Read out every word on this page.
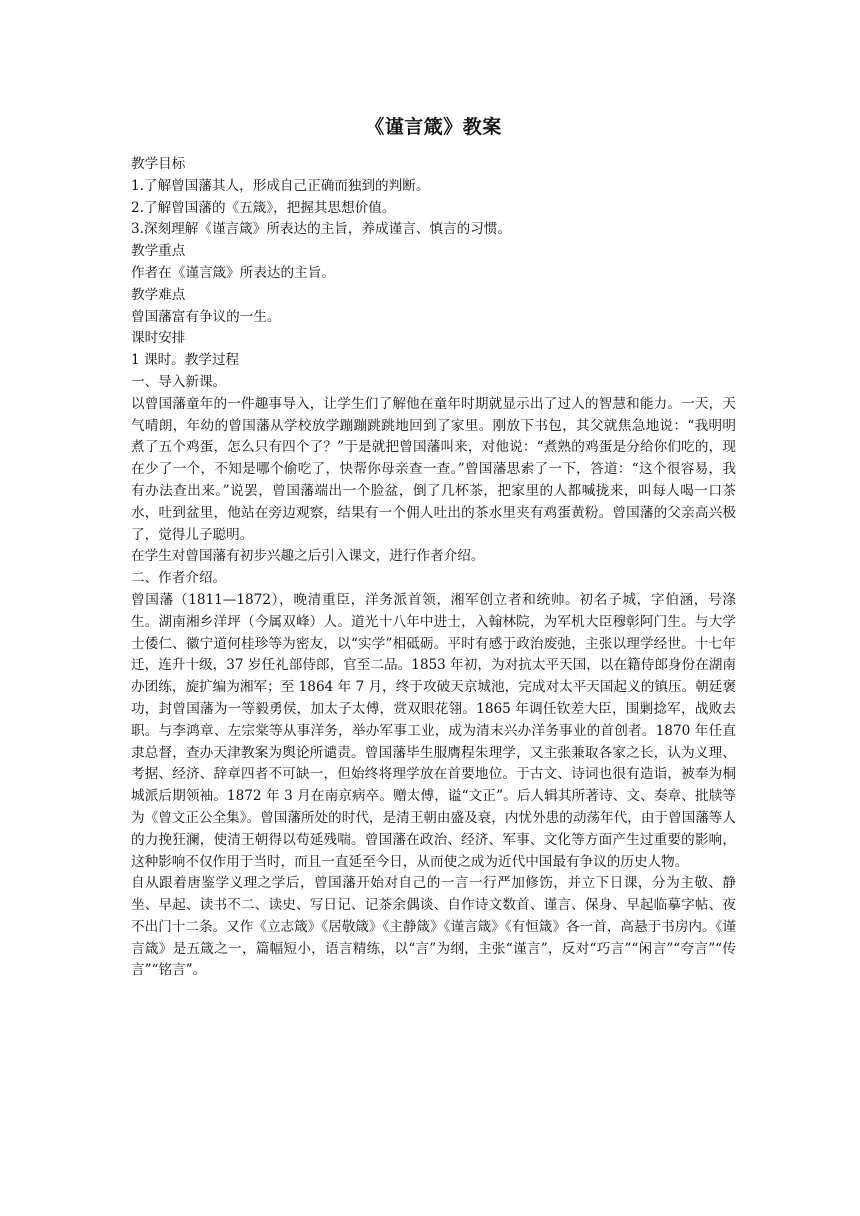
《谨言箴》教案

教学目标

1.了解曾国藩其人，形成自己正确而独到的判断。

2.了解曾国藩的《五箴》，把握其思想价值。

3.深刻理解《谨言箴》所表达的主旨，养成谨言、慎言的习惯。

教学重点

作者在《谨言箴》所表达的主旨。

教学难点

曾国藩富有争议的一生。

课时安排

1 课时。教学过程

一、导入新课。

以曾国藩童年的一件趣事导入，让学生们了解他在童年时期就显示出了过人的智慧和能力。一天，天气晴朗，年幼的曾国藩从学校放学蹦蹦跳跳地回到了家里。刚放下书包，其父就焦急地说：“我明明煮了五个鸡蛋，怎么只有四个了？”于是就把曾国藩叫来，对他说：“煮熟的鸡蛋是分给你们吃的，现在少了一个，不知是哪个偷吃了，快帮你母亲查一查。”曾国藩思索了一下，答道：“这个很容易，我有办法查出来。”说罢，曾国藩端出一个脸盆，倒了几杯茶，把家里的人都喊拢来，叫每人喝一口茶水，吐到盆里，他站在旁边观察，结果有一个佣人吐出的茶水里夹有鸡蛋黄粉。曾国藩的父亲高兴极了，觉得儿子聪明。

在学生对曾国藩有初步兴趣之后引入课文，进行作者介绍。

二、作者介绍。

曾国藩（1811—1872），晚清重臣，洋务派首领，湘军创立者和统帅。初名子城，字伯涵，号涤生。湖南湘乡洋坪（今属双峰）人。道光十八年中进士，入翰林院，为军机大臣穆彰阿门生。与大学士倭仁、徽宁道何桂珍等为密友，以“实学”相砥砺。平时有感于政治废弛，主张以理学经世。十七年迁，连升十级，37 岁任礼部侍郎，官至二品。1853 年初，为对抗太平天国，以在籍侍郎身份在湖南办团练，旋扩编为湘军；至 1864 年 7 月，终于攻破天京城池，完成对太平天国起义的镇压。朝廷褒功，封曾国藩为一等毅勇侯，加太子太傅，赏双眼花翎。1865 年调任钦差大臣，围剿捻军，战败去职。与李鸿章、左宗棠等从事洋务，举办军事工业，成为清末兴办洋务事业的首创者。1870 年任直隶总督，查办天津教案为舆论所谴责。曾国藩毕生服膺程朱理学，又主张兼取各家之长，认为义理、考据、经济、辞章四者不可缺一，但始终将理学放在首要地位。于古文、诗词也很有造诣，被奉为桐城派后期领袖。1872 年 3 月在南京病卒。赠太傅，谥“文正”。后人辑其所著诗、文、奏章、批牍等为《曾文正公全集》。曾国藩所处的时代，是清王朝由盛及衰，内忧外患的动荡年代，由于曾国藩等人的力挽狂澜，使清王朝得以苟延残喘。曾国藩在政治、经济、军事、文化等方面产生过重要的影响，这种影响不仅作用于当时，而且一直延至今日，从而使之成为近代中国最有争议的历史人物。

自从跟着唐鉴学义理之学后，曾国藩开始对自己的一言一行严加修饬，并立下日课，分为主敬、静坐、早起、读书不二、读史、写日记、记茶余偶谈、自作诗文数首、谨言、保身、早起临摹字帖、夜不出门十二条。又作《立志箴》《居敬箴》《主静箴》《谨言箴》《有恒箴》各一首，高悬于书房内。《谨言箴》是五箴之一，篇幅短小，语言精练，以“言”为纲，主张“谨言”，反对“巧言”“闲言”“夸言”“传言”“铭言”。
